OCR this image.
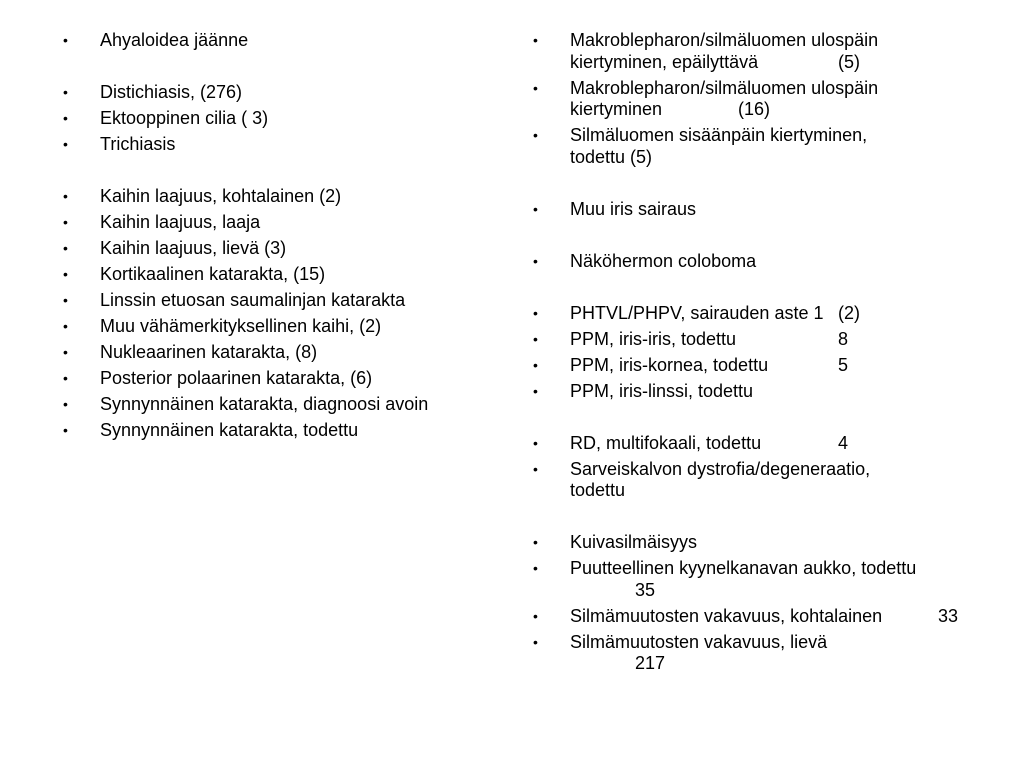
•	Ahyaloidea jäänne
•	Distichiasis, (276)
•	Ektooppinen cilia ( 3)
•	Trichiasis
•	Kaihin laajuus, kohtalainen (2)
•	Kaihin laajuus, laaja
•	Kaihin laajuus, lievä (3)
•	Kortikaalinen katarakta, (15)
•	Linssin etuosan saumalinjan katarakta
•	Muu vähämerkityksellinen kaihi, (2)
•	Nukleaarinen katarakta, (8)
•	Posterior polaarinen katarakta, (6)
•	Synnynnäinen katarakta, diagnoosi avoin
•	Synnynnäinen katarakta, todettu
•	Makroblepharon/silmäluomen ulospäin
kiertyminen, epäilyttävä	(5)
•	Makroblepharon/silmäluomen ulospäin
kiertyminen	(16)
•	Silmäluomen sisäänpäin kiertyminen,
todettu (5)
•	Muu iris sairaus
•	Näköhermon coloboma
•	PHTVL/PHPV, sairauden aste 1 (2)
•	PPM, iris-iris, todettu	8
•	PPM, iris-kornea, todettu	5
•	PPM, iris-linssi, todettu
•	RD, multifokaali, todettu	4
•	Sarveiskalvon dystrofia/degeneraatio,
todettu
•	Kuivasilmäisyys
•	Puutteellinen kyynelkanavan aukko, todettu
35
•	Silmämuutosten vakavuus, kohtalainen	33
•	Silmämuutosten vakavuus, lievä
217
